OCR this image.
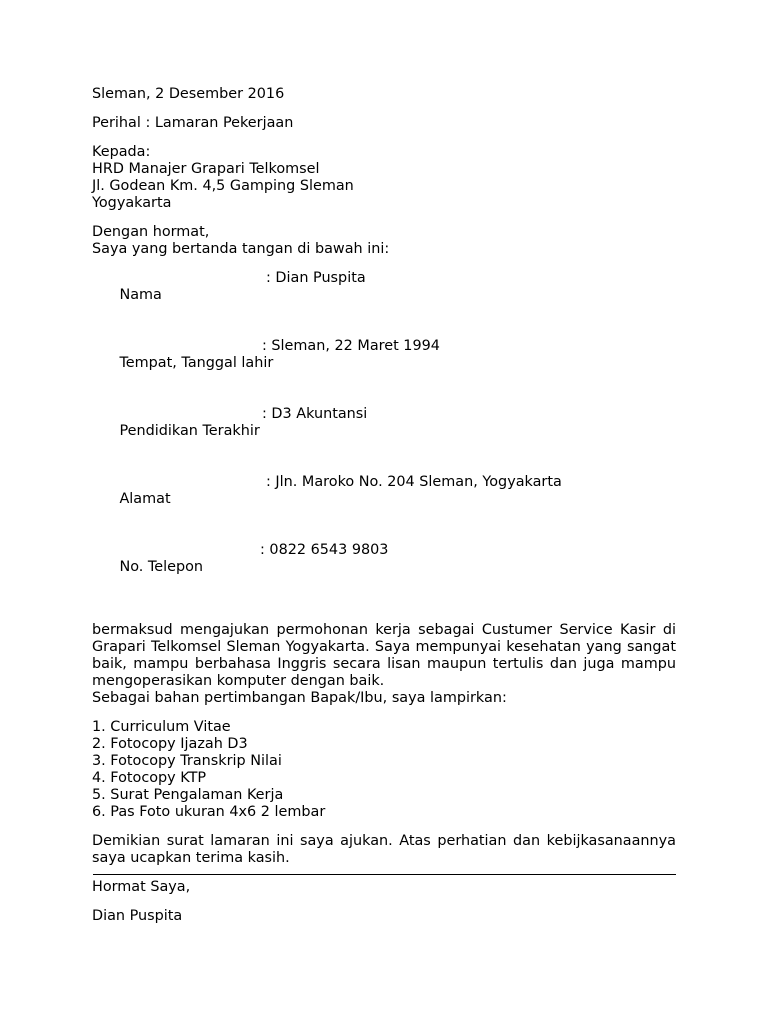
Sleman, 2 Desember 2016
Perihal : Lamaran Pekerjaan
Kepada:
HRD Manajer Grapari Telkomsel
Jl. Godean Km. 4,5 Gamping Sleman
Yogyakarta
Dengan hormat,
Saya yang bertanda tangan di bawah ini:

Nama

: Dian Puspita

Tempat, Tanggal lahir

: Sleman, 22 Maret 1994

Pendidikan Terakhir

: D3 Akuntansi

Alamat

: Jln. Maroko No. 204 Sleman, Yogyakarta

No. Telepon

: 0822 6543 9803

bermaksud mengajukan permohonan kerja sebagai Custumer Service Kasir di Grapari Telkomsel Sleman Yogyakarta. Saya mempunyai kesehatan yang sangat baik, mampu berbahasa Inggris secara lisan maupun tertulis dan juga mampu mengoperasikan komputer dengan baik.
Sebagai bahan pertimbangan Bapak/Ibu, saya lampirkan:
1. Curriculum Vitae
2. Fotocopy Ijazah D3
3. Fotocopy Transkrip Nilai
4. Fotocopy KTP
5. Surat Pengalaman Kerja
6. Pas Foto ukuran 4x6 2 lembar
Demikian surat lamaran ini saya ajukan. Atas perhatian dan kebijkasanaannya saya ucapkan terima kasih.
Hormat Saya,
Dian Puspita
